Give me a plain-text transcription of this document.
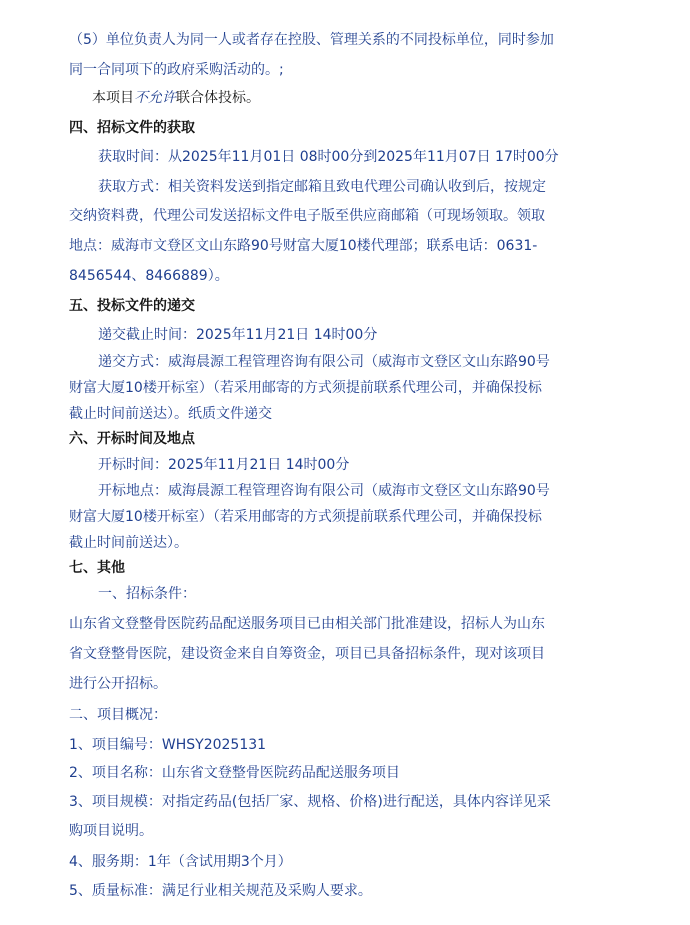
（5）单位负责人为同一人或者存在控股、管理关系的不同投标单位，同时参加
同一合同项下的政府采购活动的。;
本项目不允许联合体投标。
四、招标文件的获取
获取时间：从2025年11月01日 08时00分到2025年11月07日 17时00分
获取方式：相关资料发送到指定邮箱且致电代理公司确认收到后，按规定
交纳资料费，代理公司发送招标文件电子版至供应商邮箱（可现场领取。领取
地点：威海市文登区文山东路90号财富大厦10楼代理部；联系电话：0631-
8456544、8466889）。
五、投标文件的递交
递交截止时间：2025年11月21日 14时00分
递交方式：威海晨源工程管理咨询有限公司（威海市文登区文山东路90号
财富大厦10楼开标室）（若采用邮寄的方式须提前联系代理公司，并确保投标
截止时间前送达）。纸质文件递交
六、开标时间及地点
开标时间：2025年11月21日 14时00分
开标地点：威海晨源工程管理咨询有限公司（威海市文登区文山东路90号
财富大厦10楼开标室）（若采用邮寄的方式须提前联系代理公司，并确保投标
截止时间前送达）。
七、其他
一、招标条件：
山东省文登整骨医院药品配送服务项目已由相关部门批准建设，招标人为山东
省文登整骨医院，建设资金来自自筹资金，项目已具备招标条件，现对该项目
进行公开招标。
二、项目概况：
1、项目编号：WHSY2025131
2、项目名称：山东省文登整骨医院药品配送服务项目
3、项目规模：对指定药品(包括厂家、规格、价格)进行配送，具体内容详见采
购项目说明。
4、服务期：1年（含试用期3个月）
5、质量标准：满足行业相关规范及采购人要求。
